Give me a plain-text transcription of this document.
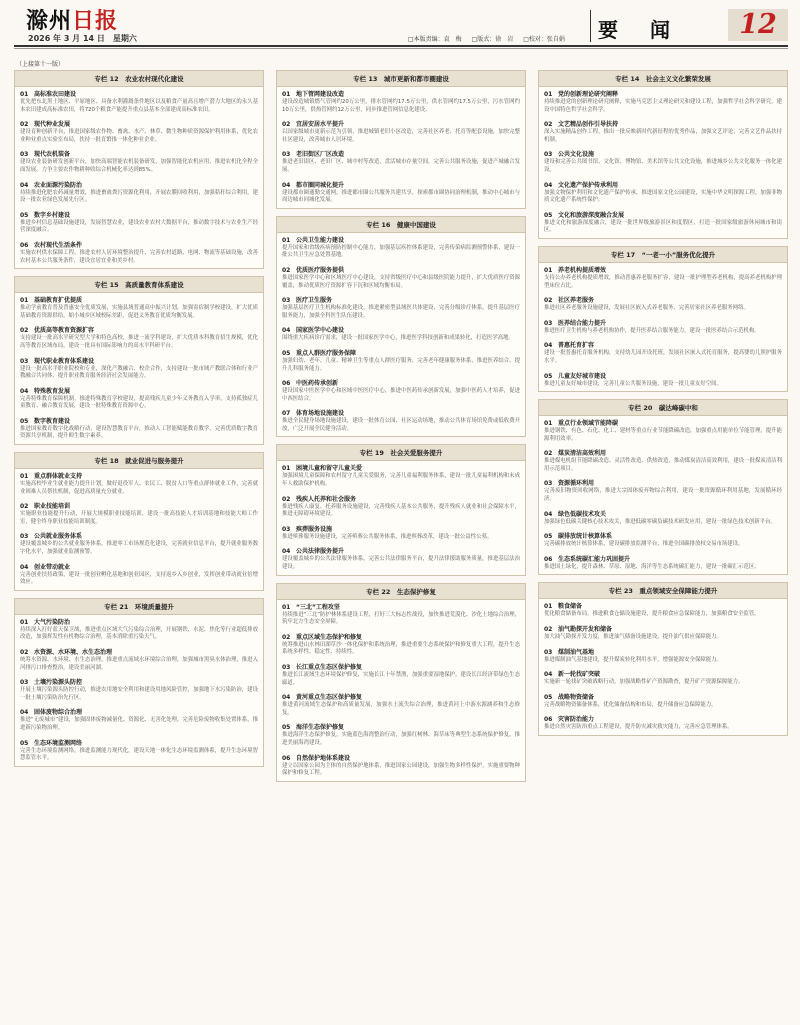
滁州日报
2026 年 3 月 14 日　星期六	□本版责编：袁　梅 □版式：徐　岩 □校对：张自娟	要　闻	12
（上接第十一版）
专栏 12　农业农村现代化建设
01 高标准农田建设
优先把东北黑土地区、平原地区、具备水利灌溉条件地区以及粮食产量高且增产潜力大地区的永久基本农田建成高标准农田，将720个粮食产能提升重点县基本全部建成高标准农田。
02 现代种业发展
建设育种创新平台，推进国家级农作物、畜禽、水产、林草、微生物种质资源保护利用体系，优化农业种业重点实验室布局，扶持一批育繁推一体化种业企业。
03 现代农机装备
建设农业装备研发创新平台，加快高端智能农机装备研发，加强智能化农机应用，推进农机化全程全面发展，力争主要农作物耕种收综合机械化率达到85%。
04 农业面源污染防治
持续推进化肥农药减量增效，推进畜禽粪污资源化利用，开展农膜回收利用，加强秸秆综合利用，建设一批农业绿色发展先行区。
05 数字乡村建设
推进乡村信息基础设施建设，发展智慧农业，建设农业农村大数据平台，推动数字技术与农业生产经营深度融合。
06 农村现代生活条件
实施农村供水保障工程，推进农村人居环境整治提升，完善农村道路、电网、物流等基础设施，改善农村基本公共服务条件，建设宜居宜业和美乡村。
专栏 15　高质量教育体系建设
01 基础教育扩优提质
推动学前教育普及普惠安全优质发展，实施县域普通高中振兴计划，加强寄宿制学校建设，扩大优质基础教育资源供给，缩小城乡区域校际差距，促进义务教育优质均衡发展。
02 优质高等教育资源扩容
支持建设一批高水平研究型大学和特色高校，推进一流学科建设，扩大优质本科教育招生规模，优化高等教育区域布局，建设一批具有国际影响力的高水平科研平台。
03 现代职业教育体系建设
建设一批高水平职业院校和专业，深化产教融合、校企合作，支持建设一批市域产教联合体和行业产教融合共同体，提升职业教育服务经济社会发展能力。
04 特殊教育发展
完善特殊教育保障机制，推进特殊教育学校建设，提高残疾儿童少年义务教育入学率，支持孤独症儿童教育、融合教育发展，建设一批特殊教育资源中心。
05 数字教育建设
推进国家教育数字化战略行动，建设智慧教育平台，推动人工智能赋能教育教学，完善优质数字教育资源共享机制，提升师生数字素养。
专栏 18　就业促进与服务提升
01 重点群体就业支持
实施高校毕业生就业能力提升计划，做好退役军人、农民工、脱贫人口等重点群体就业工作，完善就业困难人员帮扶机制，促进高质量充分就业。
02 职业技能培训
实施职业技能提升行动，开展大规模职业技能培训，建设一批高技能人才培训基地和技能大师工作室，健全终身职业技能培训制度。
03 公共就业服务体系
建设覆盖城乡的公共就业服务体系，推进零工市场规范化建设，完善就业信息平台，提升就业服务数字化水平，加强就业监测预警。
04 创业带动就业
完善创业扶持政策，建设一批创业孵化基地和创业园区，支持返乡入乡创业，发挥创业带动就业倍增效应。
专栏 21　环境质量提升
01 大气污染防治
持续深入打好蓝天保卫战，推进重点区域大气污染综合治理，开展钢铁、水泥、焦化等行业超低排放改造，加强挥发性有机物综合治理，基本消除重污染天气。
02 水资源、水环境、水生态治理
统筹水资源、水环境、水生态治理，推进重点流域水环境综合治理，加强城市黑臭水体治理，推进入河排污口排查整治，建设美丽河湖。
03 土壤污染源头防控
开展土壤污染源头防控行动，推进农用地安全利用和建设用地风险管控，加强地下水污染防治，建设一批土壤污染防治先行区。
04 固体废物综合治理
推进“无废城市”建设，加强固体废物减量化、资源化、无害化处理，完善危险废物收集处置体系，推进新污染物治理。
05 生态环境监测网络
完善生态环境监测网络，推进监测能力现代化，建设天地一体化生态环境监测体系，提升生态环境智慧监管水平。
专栏 13　城市更新和都市圈建设
01 地下管网建设改造
建设改造城镇燃气管网约20万公里，排水管网约17.5万公里，供水管网约17.5万公里，污水管网约10万公里，供热管网约12万公里，同步推进管网信息化建设。
02 宜居安居水平提升
以国家级城市更新示范为引领，推进城镇老旧小区改造，完善社区养老、托育等配套设施，加快完整社区建设，改善城市人居环境。
03 老旧街区厂区改造
推进老旧街区、老旧厂区、城中村等改造，盘活城市存量空间，完善公共服务设施，促进产城融合发展。
04 都市圈同城化提升
建设都市圈通勤交通网，推进都市圈公共服务共建共享，探索都市圈协同治理机制，推动中心城市与周边城市同城化发展。
专栏 16　健康中国建设
01 公共卫生能力建设
提升国家和省级疾病预防控制中心能力，加强基层疾控体系建设，完善传染病监测预警体系，建设一批公共卫生应急处置基地。
02 优质医疗服务提供
推进国家医学中心和区域医疗中心建设，支持省级医疗中心和县级医院能力提升，扩大优质医疗资源覆盖，推动优质医疗资源扩容下沉和区域均衡布局。
03 医疗卫生服务
加强基层医疗卫生机构标准化建设，推进紧密型县域医共体建设，完善分级诊疗体系，提升基层医疗服务能力，加强全科医生队伍建设。
04 国家医学中心建设
围绕重大疾病诊疗需求，建设一批国家医学中心，推进医学科技创新和成果转化，打造医学高地。
05 重点人群医疗服务保障
加强妇幼、老年、儿童、精神卫生等重点人群医疗服务，完善老年健康服务体系，推进医养结合，提升儿科服务能力。
06 中医药传承创新
建设国家中医医学中心和区域中医医疗中心，推进中医药传承创新发展，加强中医药人才培养，促进中西医结合。
07 体育场地设施建设
推进全民健身场地设施建设，建设一批体育公园、社区运动场地，推动公共体育场馆免费或低收费开放，广泛开展全民健身活动。
专栏 19　社会关爱服务提升
01 困境儿童和留守儿童关爱
加强困境儿童保障和农村留守儿童关爱服务，完善儿童福利服务体系，建设一批儿童福利机构和未成年人救助保护机构。
02 残疾人托养和社会服务
推进残疾人康复、托养服务设施建设，完善残疾人基本公共服务，提升残疾人就业和社会保障水平，推进无障碍环境建设。
03 殡葬服务设施
推进殡葬服务设施建设，完善殡葬公共服务体系，推进殡葬改革，建设一批公益性公墓。
04 公共法律服务提升
建设覆盖城乡的公共法律服务体系，完善公共法律服务平台，提升法律援助服务质量，推进基层法治建设。
专栏 22　生态保护修复
01 “三北”工程攻坚
持续推进“三北”防护林体系建设工程，打好三大标志性战役，加快推进荒漠化、沙化土地综合治理，筑牢北方生态安全屏障。
02 重点区域生态保护和修复
统筹推进山水林田湖草沙一体化保护和系统治理，推进重要生态系统保护和修复重大工程，提升生态系统多样性、稳定性、持续性。
03 长江重点生态区保护修复
推进长江流域生态环境保护修复，实施长江十年禁渔，加强重要湿地保护，建设长江经济带绿色生态廊道。
04 黄河重点生态区保护修复
推进黄河流域生态保护和高质量发展，加强水土流失综合治理，推进黄河上中游水源涵养和生态修复。
05 海洋生态保护修复
推进海洋生态保护修复，实施蓝色海湾整治行动，加强红树林、海草床等典型生态系统保护修复，推进美丽海湾建设。
06 自然保护地体系建设
建立以国家公园为主体的自然保护地体系，推进国家公园建设，加强生物多样性保护，实施重要物种保护和修复工程。
专栏 14　社会主义文化繁荣发展
01 党的创新理论研究阐释
持续推进党的创新理论研究阐释，实施马克思主义理论研究和建设工程，加强哲学社会科学研究，建设中国特色哲学社会科学。
02 文艺精品创作引导扶持
深入实施精品创作工程，推出一批反映新时代新征程的优秀作品，加强文艺评论，完善文艺作品扶持机制。
03 公共文化设施
建设和完善公共图书馆、文化馆、博物馆、美术馆等公共文化设施，推进城乡公共文化服务一体化建设。
04 文化遗产保护传承利用
加强文物保护利用和文化遗产保护传承，推进国家文化公园建设，实施中华文明探源工程，加强非物质文化遗产系统性保护。
05 文化和旅游深度融合发展
推进文化和旅游深度融合，建设一批世界级旅游景区和度假区，打造一批国家级旅游休闲城市和街区。
专栏 17　“一老一小”服务优化提升
01 养老机构提质增效
支持公办养老机构提质增效，推动普惠养老服务扩容，建设一批护理型养老机构，提高养老机构护理型床位占比。
02 社区养老服务
推进社区养老服务设施建设，发展社区嵌入式养老服务，完善居家社区养老服务网络。
03 医养结合能力提升
推进医疗卫生机构与养老机构协作，提升医养结合服务能力，建设一批医养结合示范机构。
04 普惠托育扩容
建设一批普惠托育服务机构，支持幼儿园开设托班，发展社区嵌入式托育服务，提高婴幼儿照护服务水平。
05 儿童友好城市建设
推进儿童友好城市建设，完善儿童公共服务设施，建设一批儿童友好空间。
专栏 20　碳达峰碳中和
01 重点行业领域节能降碳
推进钢铁、有色、石化、化工、建材等重点行业节能降碳改造，加强重点用能单位节能管理，提升能源利用效率。
02 煤炭清洁高效利用
推进煤电机组节能降碳改造、灵活性改造、供热改造，推动煤炭清洁高效利用，建设一批煤炭清洁利用示范项目。
03 资源循环利用
完善废旧物资回收网络，推进大宗固体废弃物综合利用，建设一批资源循环利用基地，发展循环经济。
04 绿色低碳技术攻关
加强绿色低碳关键核心技术攻关，推进低碳零碳负碳技术研发应用，建设一批绿色技术创新平台。
05 碳排放统计核算体系
完善碳排放统计核算体系，建设碳排放监测平台，推进全国碳排放权交易市场建设。
06 生态系统碳汇能力巩固提升
推进国土绿化，提升森林、草原、湿地、海洋等生态系统碳汇能力，建设一批碳汇示范区。
专栏 23　重点领域安全保障能力提升
01 粮食储备
优化粮食储备布局，推进粮食仓储设施建设，提升粮食应急保障能力，加强粮食安全监管。
02 油气勘探开发和储备
加大油气勘探开发力度，推进油气储备设施建设，提升油气供应保障能力。
03 煤制油气基地
推进煤制油气基地建设，提升煤炭转化利用水平，增强能源安全保障能力。
04 新一轮找矿突破
实施新一轮找矿突破战略行动，加强战略性矿产资源勘查，提升矿产资源保障能力。
05 战略物资储备
完善战略物资储备体系，优化储备结构和布局，提升储备应急保障能力。
06 灾害防治能力
推进自然灾害防治重点工程建设，提升防灾减灾救灾能力，完善应急管理体系。
